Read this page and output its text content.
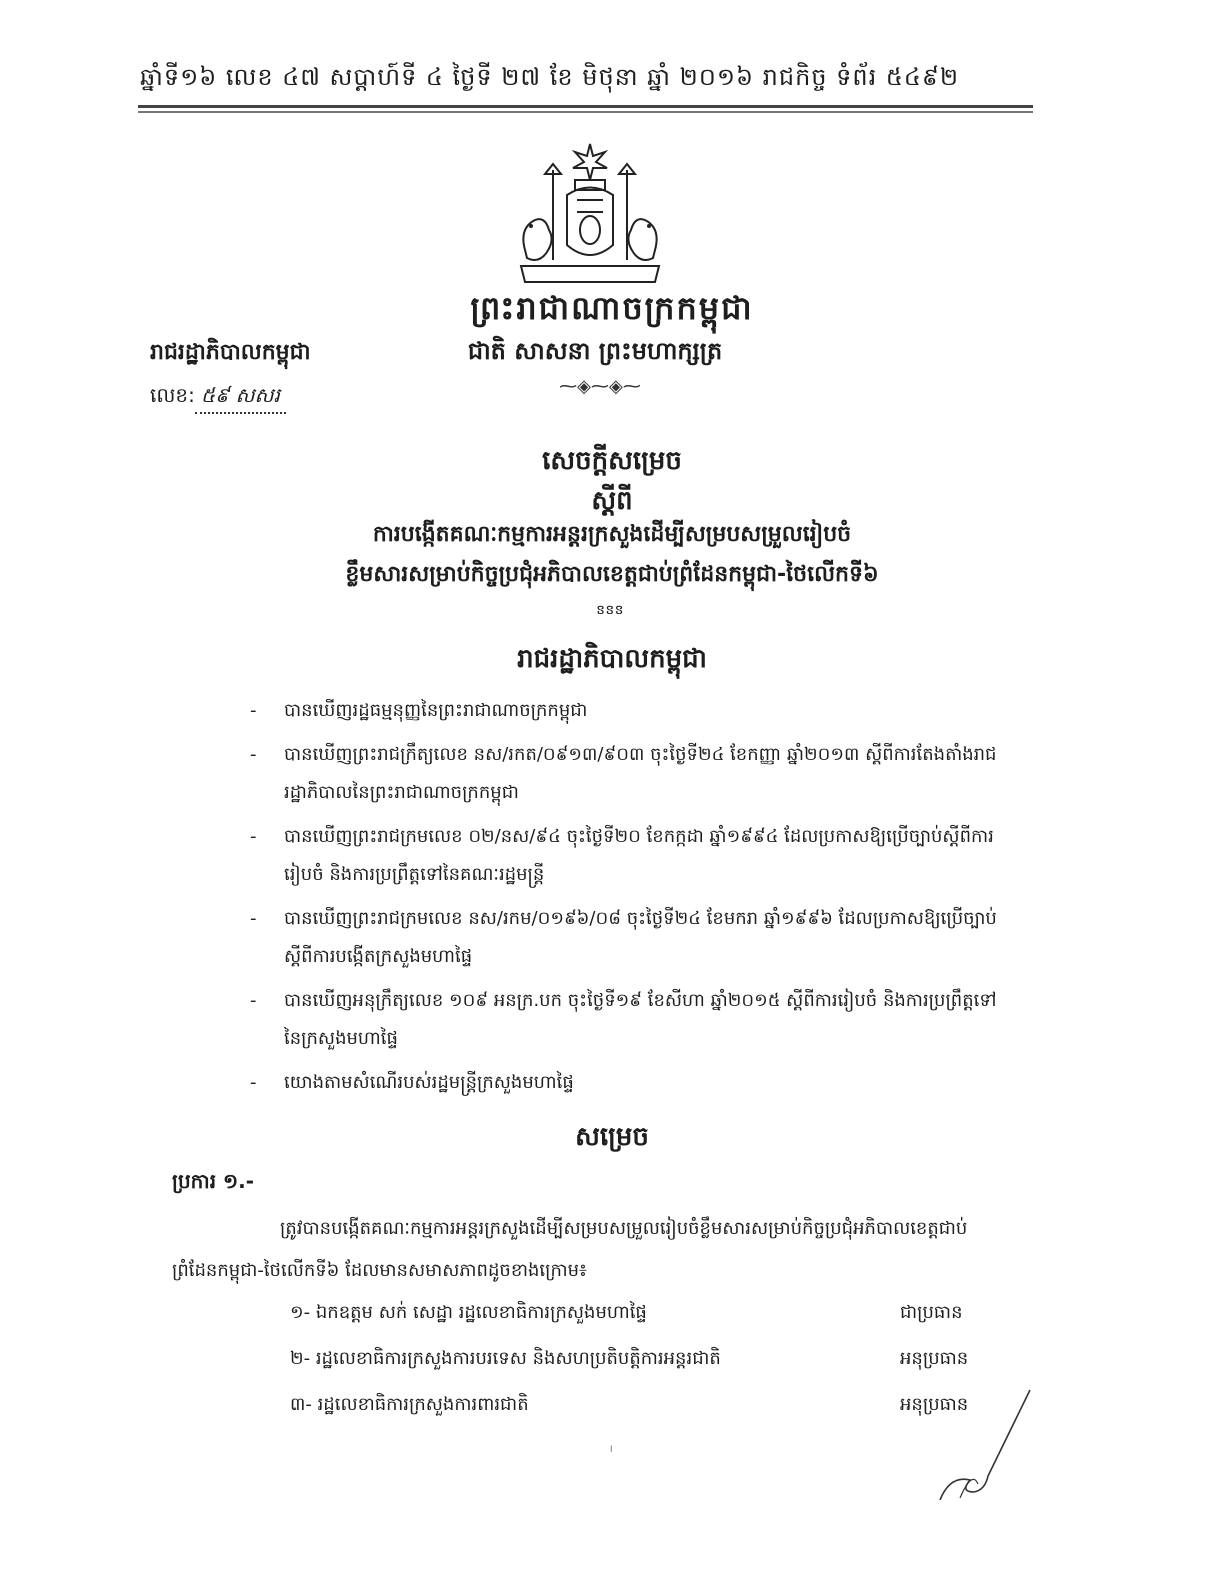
ឆ្នាំទី១៦ លេខ ៤៧ សប្តាហ៍ទី ៤ ថ្ងៃទី ២៧ ខែ មិថុនា ឆ្នាំ ២០១៦ រាជកិច្ច ទំព័រ ៥៤៩២
ព្រះរាជាណាចក្រកម្ពុជា
ជាតិ សាសនា ព្រះមហាក្សត្រ
⁓◈⁓◈⁓
រាជរដ្ឋាភិបាលកម្ពុជា
លេខ: ៥៩ សសរ
សេចក្តីសម្រេច
ស្តីពី
ការបង្កើតគណៈកម្មការអន្តរក្រសួងដើម្បីសម្របសម្រួលរៀបចំ
ខ្លឹមសារសម្រាប់កិច្ចប្រជុំអភិបាលខេត្តជាប់ព្រំដែនកម្ពុជា-ថៃលើកទី៦
ៜៜៜ
រាជរដ្ឋាភិបាលកម្ពុជា
- បានឃើញរដ្ឋធម្មនុញ្ញនៃព្រះរាជាណាចក្រកម្ពុជា
- បានឃើញព្រះរាជក្រឹត្យលេខ នស/រកត/០៩១៣/៩០៣ ចុះថ្ងៃទី២៤ ខែកញ្ញា ឆ្នាំ២០១៣ ស្តីពីការតែងតាំងរាជរដ្ឋាភិបាលនៃព្រះរាជាណាចក្រកម្ពុជា
- បានឃើញព្រះរាជក្រមលេខ ០២/នស/៩៤ ចុះថ្ងៃទី២០ ខែកក្កដា ឆ្នាំ១៩៩៤ ដែលប្រកាសឱ្យប្រើច្បាប់ស្តីពីការរៀបចំ និងការប្រព្រឹត្តទៅនៃគណៈរដ្ឋមន្ត្រី
- បានឃើញព្រះរាជក្រមលេខ នស/រកម/០១៩៦/០៨ ចុះថ្ងៃទី២៤ ខែមករា ឆ្នាំ១៩៩៦ ដែលប្រកាសឱ្យប្រើច្បាប់ស្តីពីការបង្កើតក្រសួងមហាផ្ទៃ
- បានឃើញអនុក្រឹត្យលេខ ១០៩ អនក្រ.បក ចុះថ្ងៃទី១៩ ខែសីហា ឆ្នាំ២០១៥ ស្តីពីការរៀបចំ និងការប្រព្រឹត្តទៅនៃក្រសួងមហាផ្ទៃ
- យោងតាមសំណើរបស់រដ្ឋមន្ត្រីក្រសួងមហាផ្ទៃ
សម្រេច
ប្រការ ១.-
ត្រូវបានបង្កើតគណៈកម្មការអន្តរក្រសួងដើម្បីសម្របសម្រួលរៀបចំខ្លឹមសារសម្រាប់កិច្ចប្រជុំអភិបាលខេត្តជាប់ព្រំដែនកម្ពុជា-ថៃលើកទី៦ ដែលមានសមាសភាពដូចខាងក្រោម៖
១- ឯកឧត្តម សក់ សេដ្ឋា រដ្ឋលេខាធិការក្រសួងមហាផ្ទៃ	ជាប្រធាន
២- រដ្ឋលេខាធិការក្រសួងការបរទេស និងសហប្រតិបត្តិការអន្តរជាតិ	អនុប្រធាន
៣- រដ្ឋលេខាធិការក្រសួងការពារជាតិ	អនុប្រធាន
၊
